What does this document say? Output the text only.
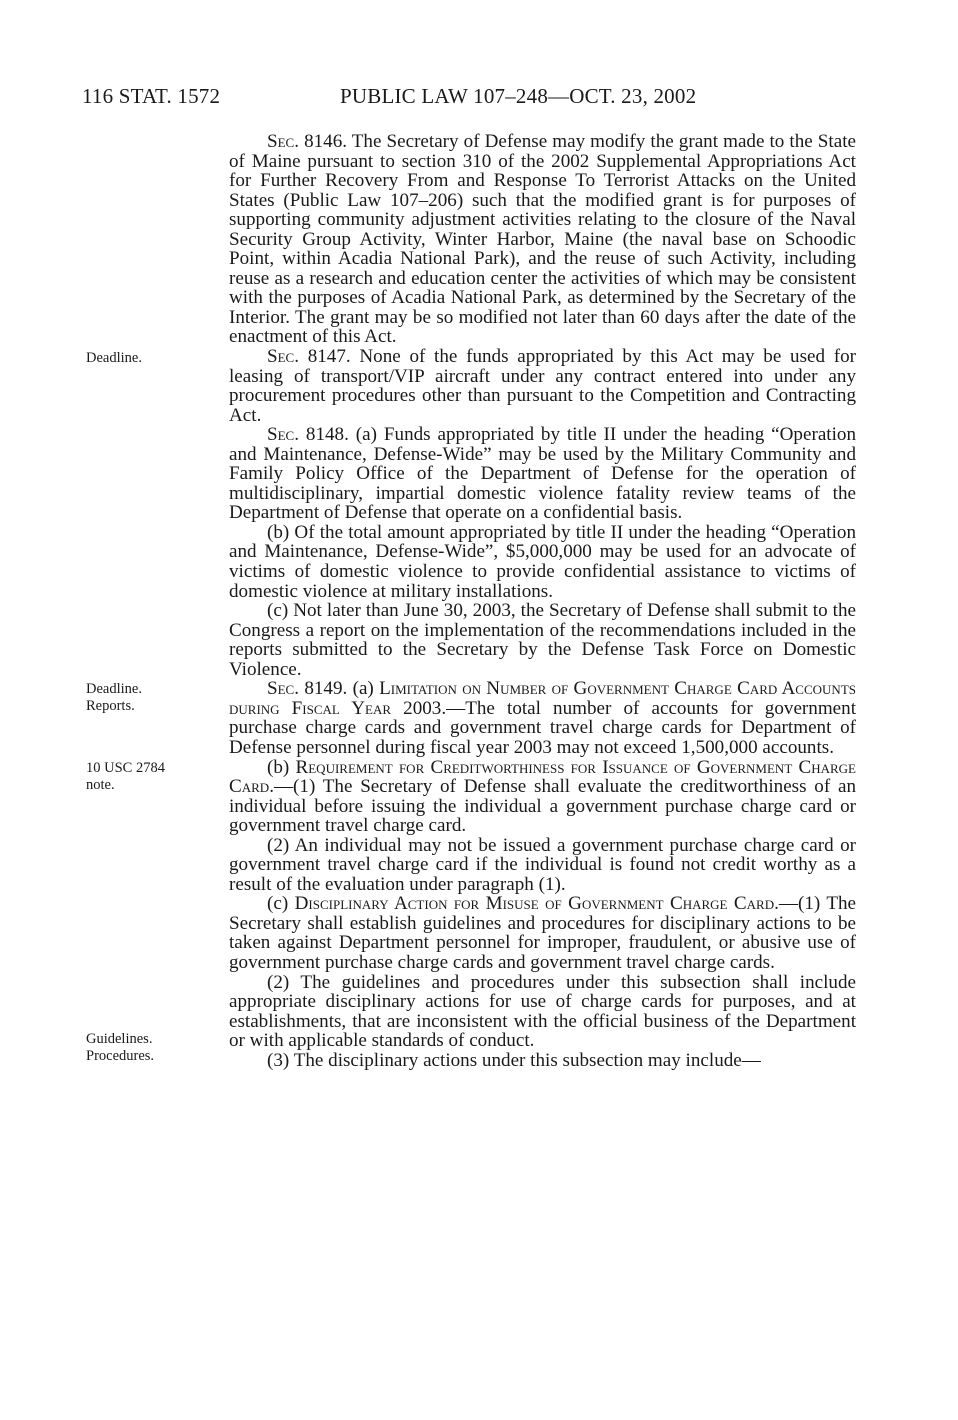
116 STAT. 1572	PUBLIC LAW 107–248—OCT. 23, 2002
Deadline.
Deadline.
Reports.
10 USC 2784
note.
Guidelines.
Procedures.

Sec. 8146. The Secretary of Defense may modify the grant made to the State of Maine pursuant to section 310 of the 2002 Supplemental Appropriations Act for Further Recovery From and Response To Terrorist Attacks on the United States (Public Law 107–206) such that the modified grant is for purposes of supporting community adjustment activities relating to the closure of the Naval Security Group Activity, Winter Harbor, Maine (the naval base on Schoodic Point, within Acadia National Park), and the reuse of such Activity, including reuse as a research and education center the activities of which may be consistent with the purposes of Acadia National Park, as determined by the Secretary of the Interior. The grant may be so modified not later than 60 days after the date of the enactment of this Act.

Sec. 8147. None of the funds appropriated by this Act may be used for leasing of transport/VIP aircraft under any contract entered into under any procurement procedures other than pursuant to the Competition and Contracting Act.

Sec. 8148. (a) Funds appropriated by title II under the heading “Operation and Maintenance, Defense-Wide” may be used by the Military Community and Family Policy Office of the Department of Defense for the operation of multidisciplinary, impartial domestic violence fatality review teams of the Department of Defense that operate on a confidential basis.

(b) Of the total amount appropriated by title II under the heading “Operation and Maintenance, Defense-Wide”, $5,000,000 may be used for an advocate of victims of domestic violence to provide confidential assistance to victims of domestic violence at military installations.

(c) Not later than June 30, 2003, the Secretary of Defense shall submit to the Congress a report on the implementation of the recommendations included in the reports submitted to the Secretary by the Defense Task Force on Domestic Violence.

Sec. 8149. (a) Limitation on Number of Government Charge Card Accounts during Fiscal Year 2003.—The total number of accounts for government purchase charge cards and government travel charge cards for Department of Defense personnel during fiscal year 2003 may not exceed 1,500,000 accounts.

(b) Requirement for Creditworthiness for Issuance of Government Charge Card.—(1) The Secretary of Defense shall evaluate the creditworthiness of an individual before issuing the individual a government purchase charge card or government travel charge card.

(2) An individual may not be issued a government purchase charge card or government travel charge card if the individual is found not credit worthy as a result of the evaluation under paragraph (1).

(c) Disciplinary Action for Misuse of Government Charge Card.—(1) The Secretary shall establish guidelines and procedures for disciplinary actions to be taken against Department personnel for improper, fraudulent, or abusive use of government purchase charge cards and government travel charge cards.

(2) The guidelines and procedures under this subsection shall include appropriate disciplinary actions for use of charge cards for purposes, and at establishments, that are inconsistent with the official business of the Department or with applicable standards of conduct.

(3) The disciplinary actions under this subsection may include—
